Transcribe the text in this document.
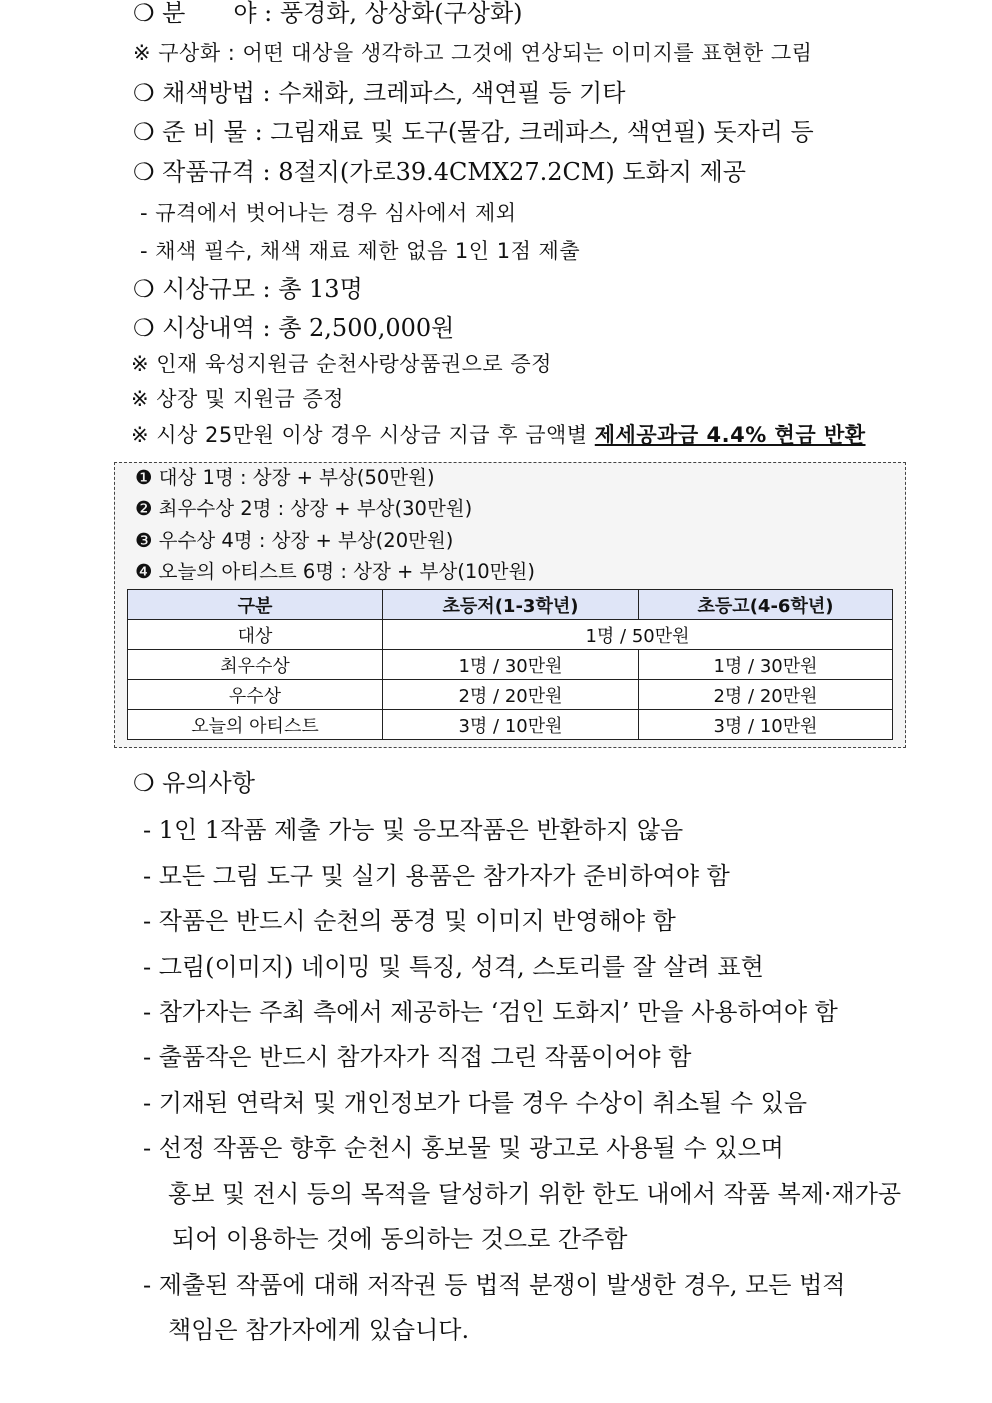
❍ 분　　야 : 풍경화, 상상화(구상화)
※ 구상화 : 어떤 대상을 생각하고 그것에 연상되는 이미지를 표현한 그림
❍ 채색방법 : 수채화, 크레파스, 색연필 등 기타
❍ 준 비 물 : 그림재료 및 도구(물감, 크레파스, 색연필) 돗자리 등
❍ 작품규격 : 8절지(가로39.4CMX27.2CM) 도화지 제공
- 규격에서 벗어나는 경우 심사에서 제외
- 채색 필수, 채색 재료 제한 없음 1인 1점 제출
❍ 시상규모 : 총 13명
❍ 시상내역 : 총 2,500,000원
※ 인재 육성지원금 순천사랑상품권으로 증정
※ 상장 및 지원금 증정
※ 시상 25만원 이상 경우 시상금 지급 후 금액별 제세공과금 4.4% 현금 반환
❶ 대상 1명 : 상장 + 부상(50만원)
❷ 최우수상 2명 : 상장 + 부상(30만원)
❸ 우수상 4명 : 상장 + 부상(20만원)
❹ 오늘의 아티스트 6명 : 상장 + 부상(10만원)
구분	초등저(1-3학년)	초등고(4-6학년)
대상	1명 / 50만원	
최우수상	1명 / 30만원	1명 / 30만원
우수상	2명 / 20만원	2명 / 20만원
오늘의 아티스트	3명 / 10만원	3명 / 10만원
❍ 유의사항
- 1인 1작품 제출 가능 및 응모작품은 반환하지 않음
- 모든 그림 도구 및 실기 용품은 참가자가 준비하여야 함
- 작품은 반드시 순천의 풍경 및 이미지 반영해야 함
- 그림(이미지) 네이밍 및 특징, 성격, 스토리를 잘 살려 표현
- 참가자는 주최 측에서 제공하는 ‘검인 도화지’ 만을 사용하여야 함
- 출품작은 반드시 참가자가 직접 그린 작품이어야 함
- 기재된 연락처 및 개인정보가 다를 경우 수상이 취소될 수 있음
- 선정 작품은 향후 순천시 홍보물 및 광고로 사용될 수 있으며
홍보 및 전시 등의 목적을 달성하기 위한 한도 내에서 작품 복제·재가공
되어 이용하는 것에 동의하는 것으로 간주함
- 제출된 작품에 대해 저작권 등 법적 분쟁이 발생한 경우, 모든 법적
책임은 참가자에게 있습니다.
